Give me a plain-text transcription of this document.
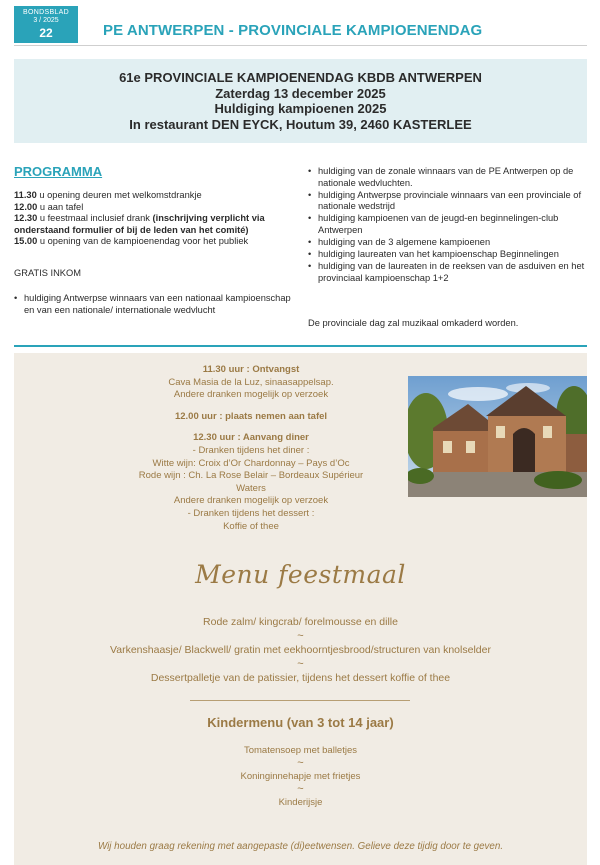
BONDSBLAD
3 / 2025
22	PE ANTWERPEN - PROVINCIALE KAMPIOENENDAG
61e PROVINCIALE KAMPIOENENDAG KBDB ANTWERPEN
Zaterdag 13 december 2025
Huldiging kampioenen 2025
In restaurant DEN EYCK, Houtum 39, 2460 KASTERLEE
PROGRAMMA
11.30 u opening deuren met welkomstdrankje
12.00 u aan tafel
12.30 u feestmaal inclusief drank (inschrijving verplicht via onderstaand formulier of bij de leden van het comité)
15.00 u opening van de kampioenendag voor het publiek
GRATIS INKOM
• huldiging Antwerpse winnaars van een nationaal kampioenschap en van een nationale/ internationale wedvlucht
• huldiging van de zonale winnaars van de PE Antwerpen op de nationale wedvluchten.
• huldiging Antwerpse provinciale winnaars van een provinciale of nationale wedstrijd
• huldiging kampioenen van de jeugd-en beginnelingen-club Antwerpen
• huldiging van de 3 algemene kampioenen
• huldiging laureaten van het kampioenschap Beginnelingen
• huldiging van de laureaten in de reeksen van de asduiven en het provinciaal kampioenschap 1+2
De provinciale dag zal muzikaal omkaderd worden.
11.30 uur : Ontvangst
Cava Masia de la Luz, sinaasappelsap.
Andere dranken mogelijk op verzoek
12.00 uur : plaats nemen aan tafel
12.30 uur : Aanvang diner
- Dranken tijdens het diner :
Witte wijn: Croix d’Or Chardonnay – Pays d’Oc
Rode wijn : Ch. La Rose Belair – Bordeaux Supérieur
Waters
Andere dranken mogelijk op verzoek
- Dranken tijdens het dessert :
Koffie of thee
Menu feestmaal
Rode zalm/ kingcrab/ forelmousse en dille
~
Varkenshaasje/ Blackwell/ gratin met eekhoorntjesbrood/structuren van knolselder
~
Dessertpalletje van de patissier, tijdens het dessert koffie of thee
Kindermenu (van 3 tot 14 jaar)
Tomatensoep met balletjes
~
Koninginnehapje met frietjes
~
Kinderijsje
Wij houden graag rekening met aangepaste (di)eetwensen. Gelieve deze tijdig door te geven.
